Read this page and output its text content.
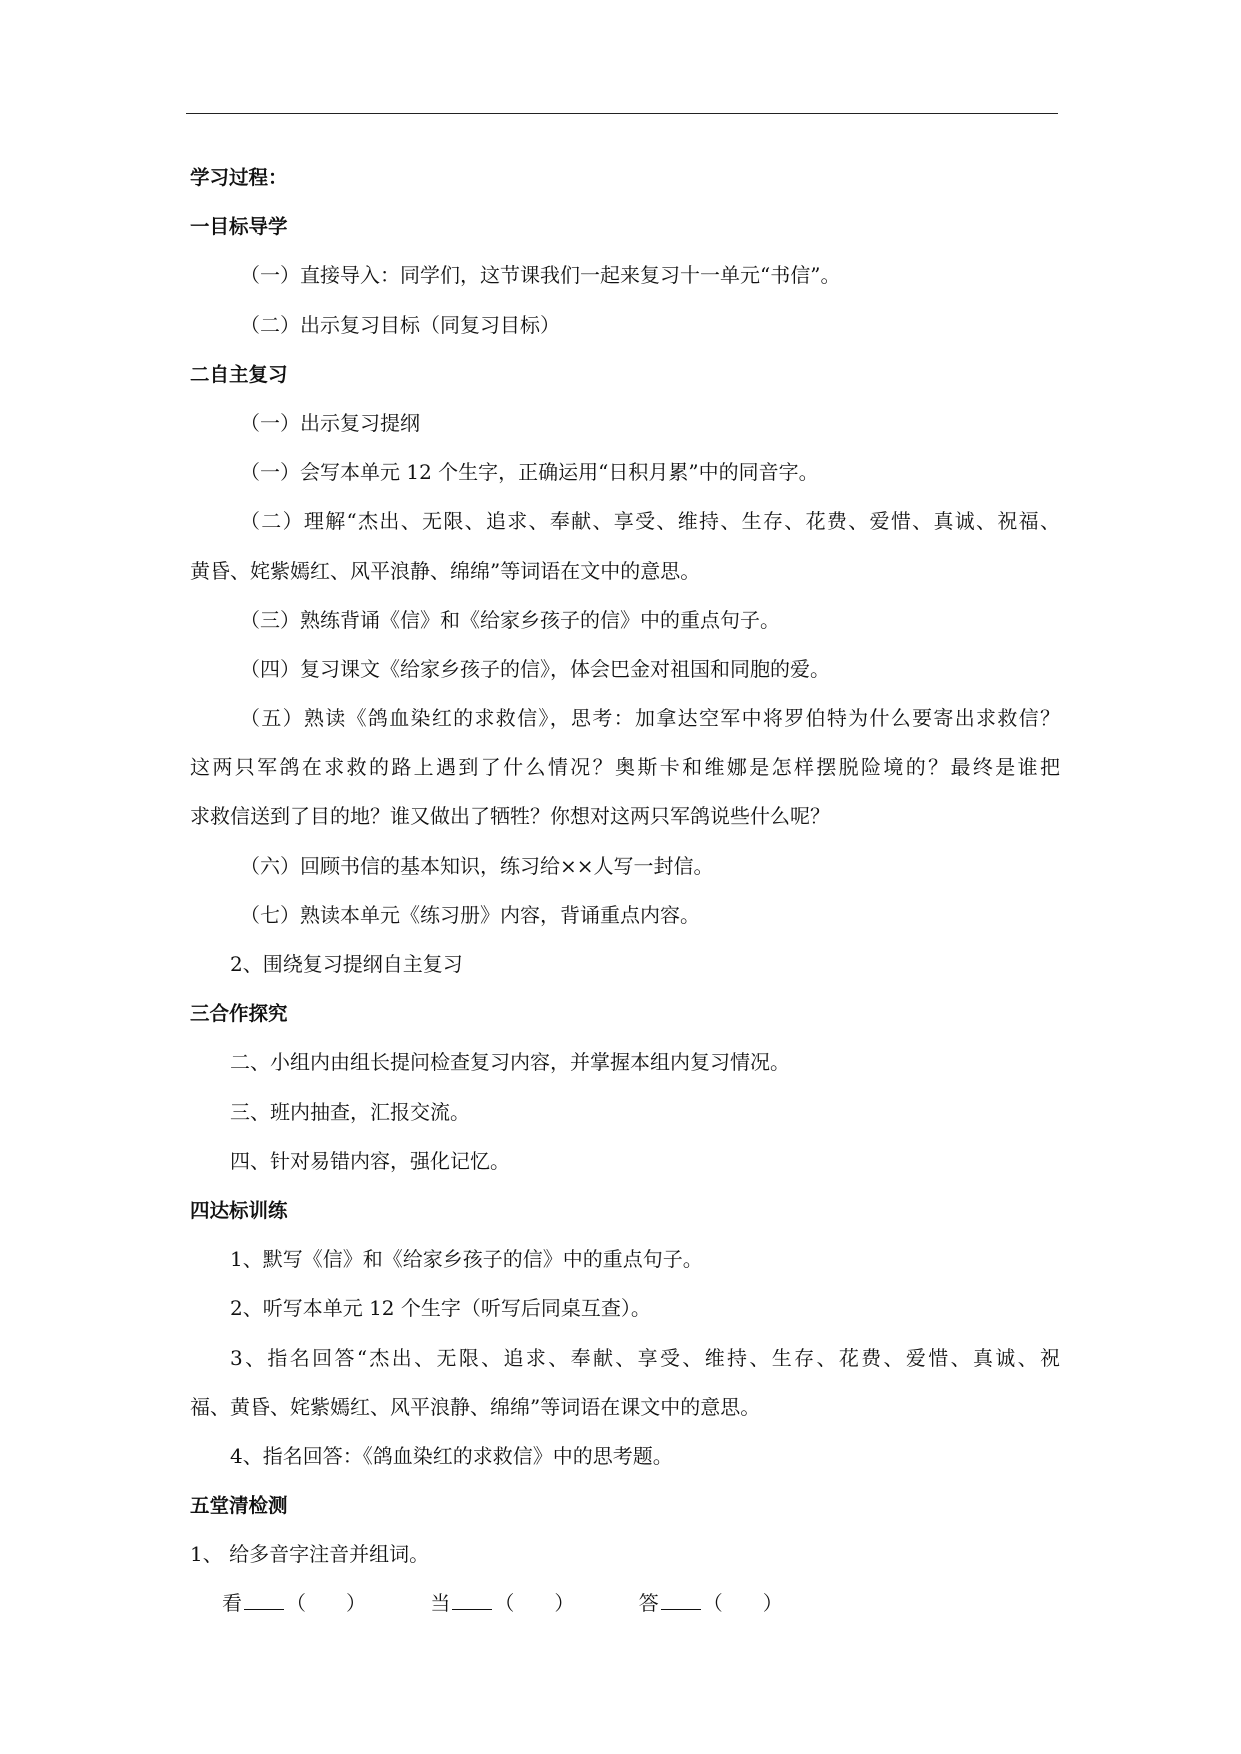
学习过程：
一目标导学
（一）直接导入：同学们，这节课我们一起来复习十一单元“书信”。
（二）出示复习目标（同复习目标）
二自主复习
（一）出示复习提纲
（一）会写本单元 12 个生字，正确运用“日积月累”中的同音字。
（二）理解“杰出、无限、追求、奉献、享受、维持、生存、花费、爱惜、真诚、祝福、
黄昏、姹紫嫣红、风平浪静、绵绵”等词语在文中的意思。
（三）熟练背诵《信》和《给家乡孩子的信》中的重点句子。
（四）复习课文《给家乡孩子的信》，体会巴金对祖国和同胞的爱。
（五）熟读《鸽血染红的求救信》，思考：加拿达空军中将罗伯特为什么要寄出求救信？
这两只军鸽在求救的路上遇到了什么情况？奥斯卡和维娜是怎样摆脱险境的？最终是谁把
求救信送到了目的地？谁又做出了牺牲？你想对这两只军鸽说些什么呢？
（六）回顾书信的基本知识，练习给××人写一封信。
（七）熟读本单元《练习册》内容，背诵重点内容。
2、围绕复习提纲自主复习
三合作探究
二、小组内由组长提问检查复习内容，并掌握本组内复习情况。
三、班内抽查，汇报交流。
四、针对易错内容，强化记忆。
四达标训练
1、默写《信》和《给家乡孩子的信》中的重点句子。
2、听写本单元 12 个生字（听写后同桌互查）。
3、指名回答“杰出、无限、追求、奉献、享受、维持、生存、花费、爱惜、真诚、祝
福、黄昏、姹紫嫣红、风平浪静、绵绵”等词语在课文中的意思。
4、指名回答：《鸽血染红的求救信》中的思考题。
五堂清检测
1、 给多音字注音并组词。
看 （　　）	当 （　　）	答 （　　）
